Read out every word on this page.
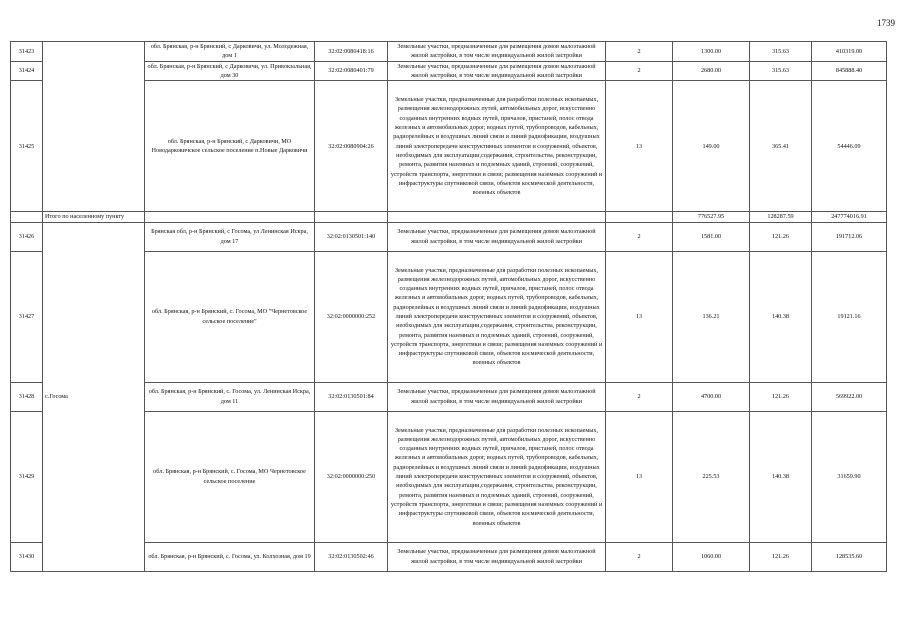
1739
31423		обл. Брянская, р-н Брянский, с Дарковичи, ул. Молодежная, дом 1	32:02:0080418:16	Земельные участки, предназначенные для размещения домов малоэтажной жилой застройки, в том числе индивидуальной жилой застройки	2	1300.00	315.63	410319.00
31424		обл. Брянская, р-н Брянский, с Дарковичи, ул. Привокзальная, дом 30	32:02:0080401:79	Земельные участки, предназначенные для размещения домов малоэтажной жилой застройки, в том числе индивидуальной жилой застройки	2	2680.00	315.63	845888.40
31425		обл. Брянская, р-н Брянский, с Дарковичи, МО Новодарковичское сельское поселение п.Новые Дарковичи	32:02:0080904:26	Земельные участки, предназначенные для разработки полезных ископаемых, размещения железнодорожных путей, автомобильных дорог, искусственно созданных внутренних водных путей, причалов, пристаней, полос отвода железных и автомобильных дорог, водных путей, трубопроводов, кабельных, радиорелейных и воздушных линий связи и линий радиофикации, воздушных линий электропередачи конструктивных элементов и сооружений, объектов, необходимых для эксплуатации,содержания, строительства, реконструкции, ремонта, развития наземных и подземных зданий, строений, сооружений, устройств транспорта, энергетики и связи; размещения наземных сооружений и инфраструктуры спутниковой связи, объектов космической деятельности, военных объектов	13	149.00	365.41	54446.09
	Итого по населенному пункту					776527.95	128287.59	247774016.91
31426	с.Госома	Брянская обл, р-н Брянский, с Госома, ул Ленинская Искра, дом 17	32:02:0130501:140	Земельные участки, предназначенные для размещения домов малоэтажной жилой застройки, в том числе индивидуальной жилой застройки	2	1581.00	121.26	191712.06
31427		обл. Брянская, р-н Брянский, с. Госома, МО "Чернетовское сельское поселение"	32:02:0000000:252	Земельные участки, предназначенные для разработки полезных ископаемых, размещения железнодорожных путей, автомобильных дорог, искусственно созданных внутренних водных путей, причалов, пристаней, полос отвода железных и автомобильных дорог, водных путей, трубопроводов, кабельных, радиорелейных и воздушных линий связи и линий радиофикации, воздушных линий электропередачи конструктивных элементов и сооружений, объектов, необходимых для эксплуатации,содержания, строительства, реконструкции, ремонта, развития наземных и подземных зданий, строений, сооружений, устройств транспорта, энергетики и связи; размещения наземных сооружений и инфраструктуры спутниковой связи, объектов космической деятельности, военных объектов	13	136.21	140.38	19121.16
31428		обл. Брянская, р-н Брянский, с. Госома, ул. Ленинская Искра, дом 11	32:02:0130501:84	Земельные участки, предназначенные для размещения домов малоэтажной жилой застройки, в том числе индивидуальной жилой застройки	2	4700.00	121.26	569922.00
31429		обл. Брянская, р-н Брянский, с. Госома, МО Чернетовское сельское поселение	32:02:0000000:250	Земельные участки, предназначенные для разработки полезных ископаемых, размещения железнодорожных путей, автомобильных дорог, искусственно созданных внутренних водных путей, причалов, пристаней, полос отвода железных и автомобильных дорог, водных путей, трубопроводов, кабельных, радиорелейных и воздушных линий связи и линий радиофикации, воздушных линий электропередачи конструктивных элементов и сооружений, объектов, необходимых для эксплуатации,содержания, строительства, реконструкции, ремонта, развития наземных и подземных зданий, строений, сооружений, устройств транспорта, энергетики и связи; размещения наземных сооружений и инфраструктуры спутниковой связи, объектов космической деятельности, военных объектов	13	225.53	140.38	31659.90
31430		обл. Брянская, р-н Брянский, с. Госома, ул. Колхозная, дом 19	32:02:0130502:46	Земельные участки, предназначенные для размещения домов малоэтажной жилой застройки, в том числе индивидуальной жилой застройки	2	1060.00	121.26	128535.60
